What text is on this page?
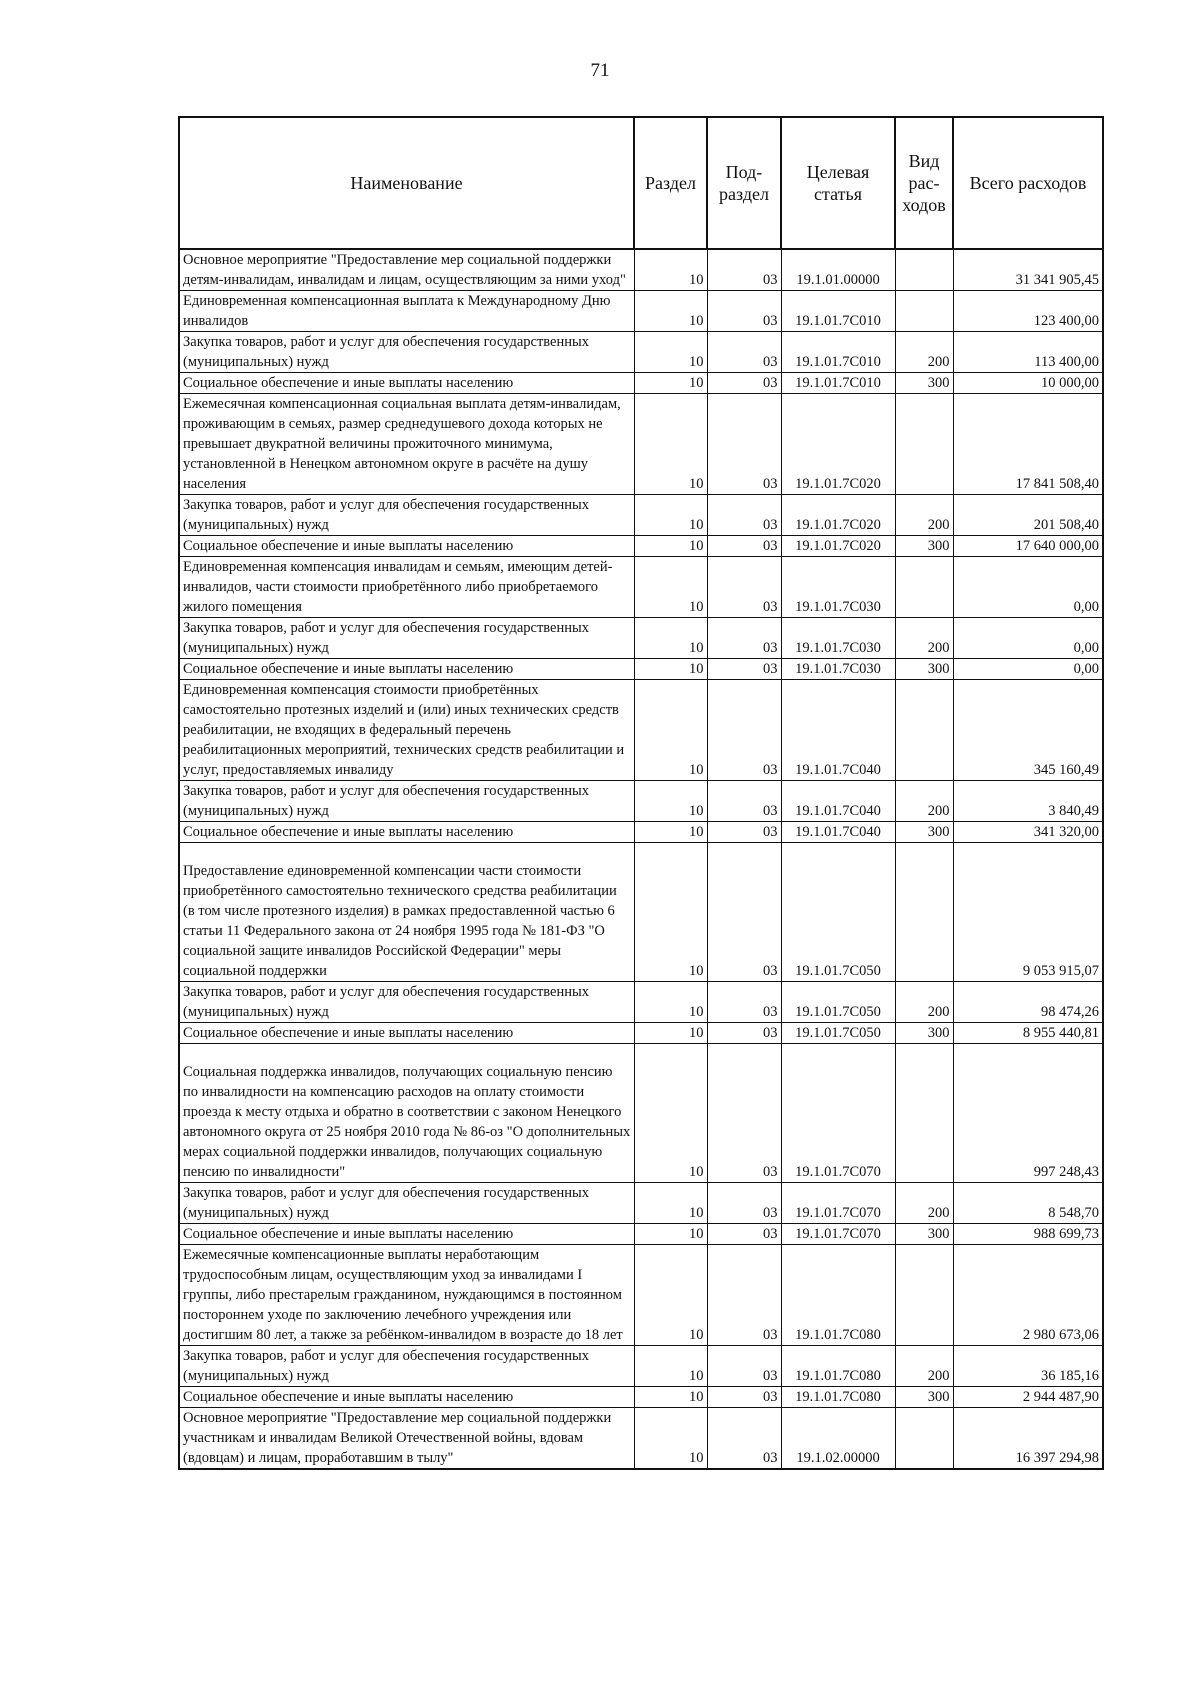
71
Наименование	Раздел	Под-раздел	Целевая статья	Вид рас-ходов	Всего расходов
Основное мероприятие "Предоставление мер социальной поддержки детям-инвалидам, инвалидам и лицам, осуществляющим за ними уход"	10	03	19.1.01.00000		31 341 905,45
Единовременная компенсационная выплата к Международному Дню инвалидов	10	03	19.1.01.7С010		123 400,00
Закупка товаров, работ и услуг для обеспечения государственных (муниципальных) нужд	10	03	19.1.01.7С010	200	113 400,00
Социальное обеспечение и иные выплаты населению	10	03	19.1.01.7С010	300	10 000,00
Ежемесячная компенсационная социальная выплата детям-инвалидам, проживающим в семьях, размер среднедушевого дохода которых не превышает двукратной величины прожиточного минимума, установленной в Ненецком автономном округе в расчёте на душу населения	10	03	19.1.01.7С020		17 841 508,40
Закупка товаров, работ и услуг для обеспечения государственных (муниципальных) нужд	10	03	19.1.01.7С020	200	201 508,40
Социальное обеспечение и иные выплаты населению	10	03	19.1.01.7С020	300	17 640 000,00
Единовременная компенсация инвалидам и семьям, имеющим детей-инвалидов, части стоимости приобретённого либо приобретаемого жилого помещения	10	03	19.1.01.7С030		0,00
Закупка товаров, работ и услуг для обеспечения государственных (муниципальных) нужд	10	03	19.1.01.7С030	200	0,00
Социальное обеспечение и иные выплаты населению	10	03	19.1.01.7С030	300	0,00
Единовременная компенсация стоимости приобретённых самостоятельно протезных изделий и (или) иных технических средств реабилитации, не входящих в федеральный перечень реабилитационных мероприятий, технических средств реабилитации и услуг, предоставляемых инвалиду	10	03	19.1.01.7С040		345 160,49
Закупка товаров, работ и услуг для обеспечения государственных (муниципальных) нужд	10	03	19.1.01.7С040	200	3 840,49
Социальное обеспечение и иные выплаты населению	10	03	19.1.01.7С040	300	341 320,00
Предоставление единовременной компенсации части стоимости приобретённого самостоятельно технического средства реабилитации (в том числе протезного изделия) в рамках предоставленной частью 6 статьи 11 Федерального закона от 24 ноября 1995 года № 181-ФЗ "О социальной защите инвалидов Российской Федерации" меры социальной поддержки	10	03	19.1.01.7С050		9 053 915,07
Закупка товаров, работ и услуг для обеспечения государственных (муниципальных) нужд	10	03	19.1.01.7С050	200	98 474,26
Социальное обеспечение и иные выплаты населению	10	03	19.1.01.7С050	300	8 955 440,81
Социальная поддержка инвалидов, получающих социальную пенсию по инвалидности на компенсацию расходов на оплату стоимости проезда к месту отдыха и обратно в соответствии с законом Ненецкого автономного округа от 25 ноября 2010 года № 86-оз "О дополнительных мерах социальной поддержки инвалидов, получающих социальную пенсию по инвалидности"	10	03	19.1.01.7С070		997 248,43
Закупка товаров, работ и услуг для обеспечения государственных (муниципальных) нужд	10	03	19.1.01.7С070	200	8 548,70
Социальное обеспечение и иные выплаты населению	10	03	19.1.01.7С070	300	988 699,73
Ежемесячные компенсационные выплаты неработающим трудоспособным лицам, осуществляющим уход за инвалидами I группы, либо престарелым гражданином, нуждающимся в постоянном постороннем уходе по заключению лечебного учреждения или достигшим 80 лет, а также за ребёнком-инвалидом в возрасте до 18 лет	10	03	19.1.01.7С080		2 980 673,06
Закупка товаров, работ и услуг для обеспечения государственных (муниципальных) нужд	10	03	19.1.01.7С080	200	36 185,16
Социальное обеспечение и иные выплаты населению	10	03	19.1.01.7С080	300	2 944 487,90
Основное мероприятие "Предоставление мер социальной поддержки участникам и инвалидам Великой Отечественной войны, вдовам (вдовцам) и лицам, проработавшим в тылу"	10	03	19.1.02.00000		16 397 294,98
